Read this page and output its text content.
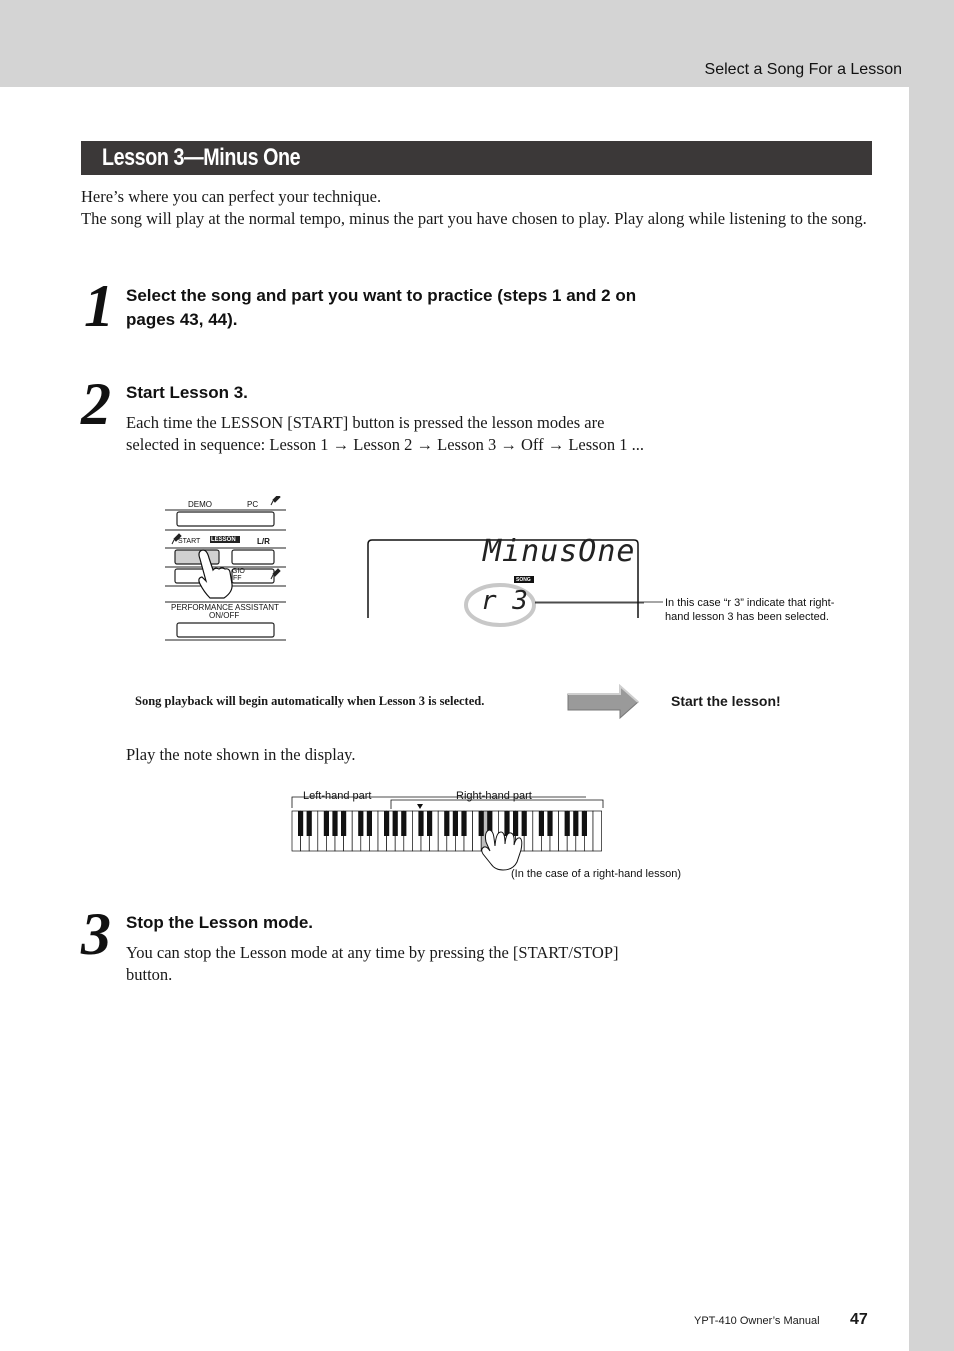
Select a Song For a Lesson
Lesson 3—Minus One

Here’s where you can perfect your technique.

The song will play at the normal tempo, minus the part you have chosen to play. Play along while listening to the song.

1 Select the song and part you want to practice (steps 1 and 2 on pages 43, 44).
2 Start Lesson 3.
Each time the LESSON [START] button is pressed the lesson modes are selected in sequence: Lesson 1 → Lesson 2 → Lesson 3 → Off → Lesson 1 ...
DEMO	PC
START LESSON	L/R
GIO
FF
PERFORMANCE ASSISTANT
ON/OFF
MinusOne
r 3
SONG
In this case “r 3” indicate that right-
hand lesson 3 has been selected.
Song playback will begin automatically when Lesson 3 is selected.	Start the lesson!
Play the note shown in the display.
Left-hand part	Right-hand part
(In the case of a right-hand lesson)
3 Stop the Lesson mode.
You can stop the Lesson mode at any time by pressing the [START/STOP] button.
YPT-410 Owner’s Manual 47
